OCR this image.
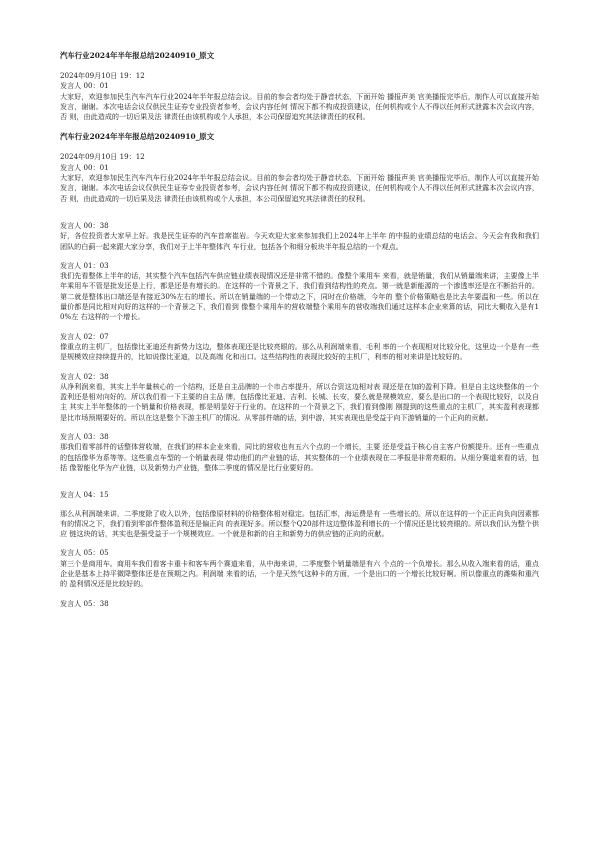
汽车行业2024年半年报总结20240910_原文
2024年09月10日 19：12
发言人 00：01
大家好，欢迎参加民生汽车汽车行业2024年半年报总结会议。目前的参会者均处于静音状态，下面开始 播报声美 官美播报完毕后，制作人可以直接开始发言，谢谢。本次电话会议仅供民生证券专业投资者参考，会议内容任何 情况下都不构成投资建议，任何机构或个人不得以任何形式泄露本次会议内容，否 则，由此造成的一切后果及法 律责任由该机构或个人承担，本公司保留追究其法律责任的权利。
汽车行业2024年半年报总结20240910_原文
2024年09月10日 19：12
发言人 00：01
大家好，欢迎参加民生汽车汽车行业2024年半年报总结会议。目前的参会者均处于静音状态，下面开始 播报声美 官美播报完毕后，制作人可以直接开始发言，谢谢。本次电话会议仅供民生证券专业投资者参考，会议内容任何 情况下都不构成投资建议，任何机构或个人不得以任何形式泄露本次会议内容，否 则，由此造成的一切后果及法 律责任由该机构或个人承担，本公司保留追究其法律责任的权利。
发言人 00：38
好，各位投资者大家早上好。我是民生证券的汽车首席崔岩。今天欢迎大家来参加我们上2024年上半年 的中报的业绩总结的电话会。今天会有我和我们团队的白蓟一起来跟大家分享，我们对于上半年整体汽 车行业，包括各个和细分板块半年报总结的一个观点。
发言人 01：03
我们先看整体上半年的话，其实整个汽车包括汽车供应链业绩表现情况还是非常不错的。像整个乘用车 来看，就是销量，我们从销量端来讲，主要像上半年乘用车不管是批发还是上行，都是还是有增长的。在这样的一个背景之下，我们看到结构性的亮点。第一就是新能源的一个渗透率还是在不断抬升的。第二就是整体出口端还是有接近30%左右的增长。所以在销量端的一个带动之下，同时在价格端，今年的 整个价格策略也是比去年要温和一些。所以在量价都是同比相对向好的这样的一个背景之下，我们看到 像整个乘用车的营收端整个乘用车的营收端我们通过这样本企业来算的话，同比大概收入是有10%左 右这样的一个增长。
发言人 02：07
像重点的主机厂，包括像比亚迪还有新势力这边，整体表现还是比较亮眼的。那么从利润端来看，毛利 率的一个表现相对比较分化，这里边一个是有一些是规模效应持续提升的，比如说像比亚迪，以及高端 化和出口。这些结构性的表现比较好的主机厂，利率的相对来讲是比较好的。
发言人 02：38
从净利润来看，其实上半年量核心的一个结构，还是自主品牌的一个市占率提升，所以合资这边相对表 现还是在加的盈利下降。但是自主这块整体的一个盈利还是相对向好的。所以我们看一下主要的自主品 牌，包括像比亚迪、吉利、长城、长安，要么就是规模效应，要么是出口的一个表现比较好，以及自主 其实上半年整体的一个销量和价格表现，都是明显好于行业的。在这样的一个背景之下，我们看到像刚 刚提到的这些重点的主机厂，其实盈利表现都是比市场预期要好的。所以在这是整个下游主机厂的情况。从零部件端的话，到中游，其实表现也是受益于向下游销量的一个正向的贡献。
发言人 03：38
那我们看零部件的话整体营收端，在我们的样本企业来看，同比的营收也有五六个点的一个增长，主要 还是受益于核心自主客户份额提升。还有一些重点的包括像华为系等等。这些重点车型的一个销量表现 带动他们的产业链的话，其实整体的一个业绩表现在二季报是非常亮眼的。从细分赛道来看的话，包括 像智能化华为产业链，以及新势力产业链，整体二季度的情况是比行业要好的。
发言人 04：15
那么从利润端来讲，二季度除了收入以外，包括像原材料的价格整体相对稳定。包括汇率，海运费是有 一些增长的。所以在这样的一个正正向负向因素都有的情况之下，我们看到零部件整体盈利还是偏正向 的表现好多。所以整个Q20部件这边整体盈利增长的一个情况还是比较亮眼的。所以我们认为整个供应 链这块的话，其实也是强受益于一个规模效应。一个就是和新的自主和新势力的供应链的正向的贡献。
发言人 05：05
第三个是商用车。商用车我们看客卡重卡和客车两个赛道来看，从中海来讲，二季度整个销量端是有六 个点的一个负增长。那么从收入端来看的话，重点企业是基本上持平微降整体还是在预期之内。利润端 来看的话，一个是天然气这种卡的方面，一个是出口的一个增长比较好啊。所以像重点的潍柴和重汽的 盈利情况还是比较好的。
发言人 05：38
